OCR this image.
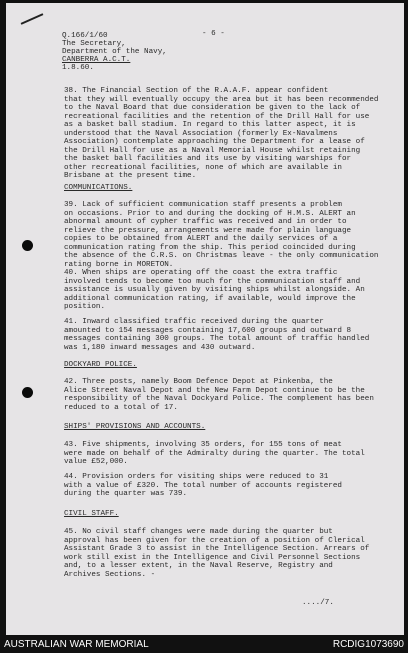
- 6 -
Q.166/1/60
The Secretary,
Department of the Navy,
CANBERRA A.C.T.
1.8.60.
38. The Financial Section of the R.A.A.F. appear confident
that they will eventually occupy the area but it has been recommended
to the Naval Board that due consideration be given to the lack of
recreational facilities and the retention of the Drill Hall for use
as a basket ball stadium. In regard to this latter aspect, it is
understood that the Naval Association (formerly Ex-Navalmens
Association) contemplate approaching the Department for a lease of
the Drill Hall for use as a Naval Memorial House whilst retaining
the basket ball facilities and its use by visiting warships for
other recreational facilities, none of which are available in
Brisbane at the present time.
COMMUNICATIONS.
39. Lack of sufficient communication staff presents a problem
on occasions. Prior to and during the docking of H.M.S. ALERT an
abnormal amount of cypher traffic was received and in order to
relieve the pressure, arrangements were made for plain language
copies to be obtained from ALERT and the daily services of a
communication rating from the ship. This period coincided during
the absence of the C.R.S. on Christmas leave - the only communication
rating borne in MORETON.
40. When ships are operating off the coast the extra traffic
involved tends to become too much for the communication staff and
assistance is usually given by visiting ships whilst alongside. An
additional communication rating, if available, would improve the
position.
41. Inward classified traffic received during the quarter
amounted to 154 messages containing 17,600 groups and outward 8
messages containing 300 groups. The total amount of traffic handled
was 1,180 inward messages and 430 outward.
DOCKYARD POLICE.
42. Three posts, namely Boom Defence Depot at Pinkenba, the
Alice Street Naval Depot and the New Farm Depot continue to be the
responsibility of the Naval Dockyard Police. The complement has been
reduced to a total of 17.
SHIPS' PROVISIONS AND ACCOUNTS.
43. Five shipments, involving 35 orders, for 155 tons of meat
were made on behalf of the Admiralty during the quarter. The total
value £52,000.
44. Provision orders for visiting ships were reduced to 31
with a value of £320. The total number of accounts registered
during the quarter was 739.
CIVIL STAFF.
45. No civil staff changes were made during the quarter but
approval has been given for the creation of a position of Clerical
Assistant Grade 3 to assist in the Intelligence Section. Arrears of
work still exist in the Intelligence and Civil Personnel Sections
and, to a lesser extent, in the Naval Reserve, Registry and
Archives Sections. -
..../7.
AUSTRALIAN WAR MEMORIAL	RCDIG1073690
